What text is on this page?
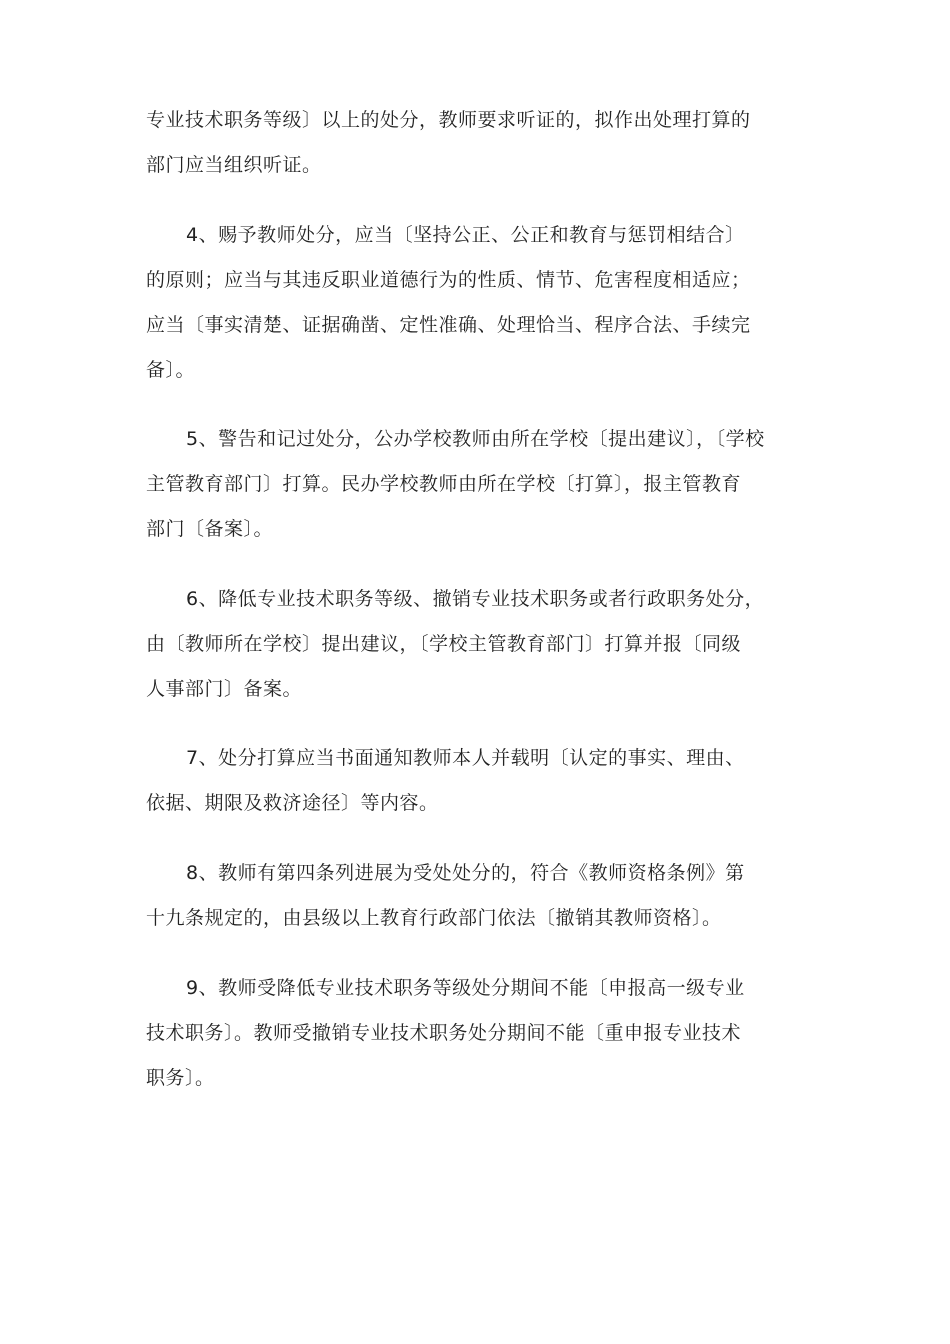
专业技术职务等级〕以上的处分，教师要求听证的，拟作出处理打算的
部门应当组织听证。
4、赐予教师处分，应当〔坚持公正、公正和教育与惩罚相结合〕
的原则；应当与其违反职业道德行为的性质、情节、危害程度相适应；
应当〔事实清楚、证据确凿、定性准确、处理恰当、程序合法、手续完
备〕。
5、警告和记过处分，公办学校教师由所在学校〔提出建议〕，〔学校
主管教育部门〕打算。民办学校教师由所在学校〔打算〕，报主管教育
部门〔备案〕。
6、降低专业技术职务等级、撤销专业技术职务或者行政职务处分，
由〔教师所在学校〕提出建议，〔学校主管教育部门〕打算并报〔同级
人事部门〕备案。
7、处分打算应当书面通知教师本人并载明〔认定的事实、理由、
依据、期限及救济途径〕等内容。
8、教师有第四条列进展为受处处分的，符合《教师资格条例》第
十九条规定的，由县级以上教育行政部门依法〔撤销其教师资格〕。
9、教师受降低专业技术职务等级处分期间不能〔申报高一级专业
技术职务〕。教师受撤销专业技术职务处分期间不能〔重申报专业技术
职务〕。
